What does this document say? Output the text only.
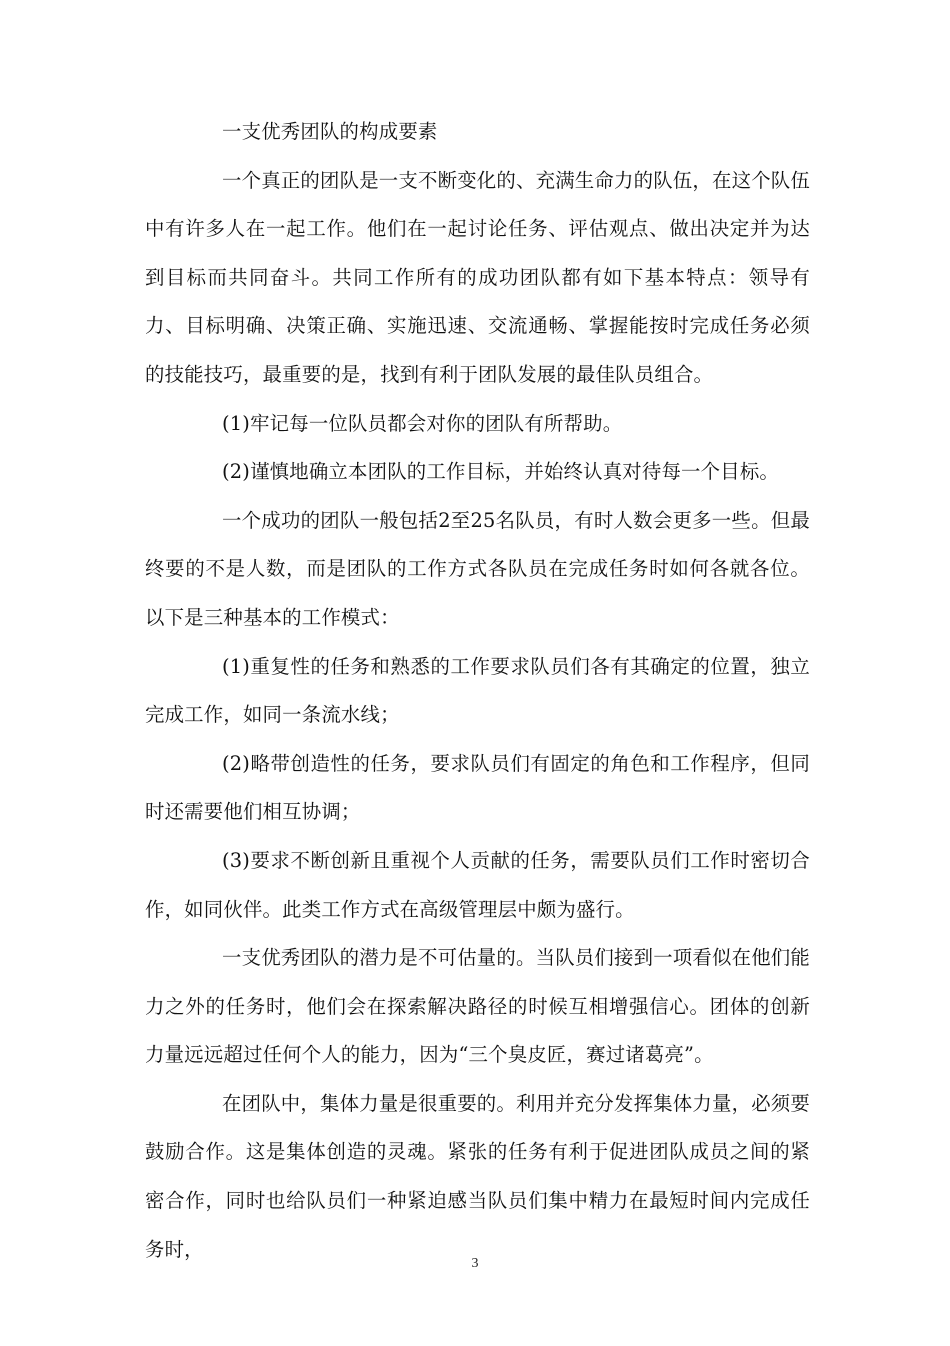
一支优秀团队的构成要素

一个真正的团队是一支不断变化的、充满生命力的队伍，在这个队伍中有许多人在一起工作。他们在一起讨论任务、评估观点、做出决定并为达到目标而共同奋斗。共同工作所有的成功团队都有如下基本特点：领导有力、目标明确、决策正确、实施迅速、交流通畅、掌握能按时完成任务必须的技能技巧，最重要的是，找到有利于团队发展的最佳队员组合。

(1)牢记每一位队员都会对你的团队有所帮助。

(2)谨慎地确立本团队的工作目标，并始终认真对待每一个目标。

一个成功的团队一般包括2至25名队员，有时人数会更多一些。但最终要的不是人数，而是团队的工作方式各队员在完成任务时如何各就各位。以下是三种基本的工作模式：

(1)重复性的任务和熟悉的工作要求队员们各有其确定的位置，独立完成工作，如同一条流水线；

(2)略带创造性的任务，要求队员们有固定的角色和工作程序，但同时还需要他们相互协调；

(3)要求不断创新且重视个人贡献的任务，需要队员们工作时密切合作，如同伙伴。此类工作方式在高级管理层中颇为盛行。

一支优秀团队的潜力是不可估量的。当队员们接到一项看似在他们能力之外的任务时，他们会在探索解决路径的时候互相增强信心。团体的创新力量远远超过任何个人的能力，因为“三个臭皮匠，赛过诸葛亮”。

在团队中，集体力量是很重要的。利用并充分发挥集体力量，必须要鼓励合作。这是集体创造的灵魂。紧张的任务有利于促进团队成员之间的紧密合作，同时也给队员们一种紧迫感当队员们集中精力在最短时间内完成任务时，

3
